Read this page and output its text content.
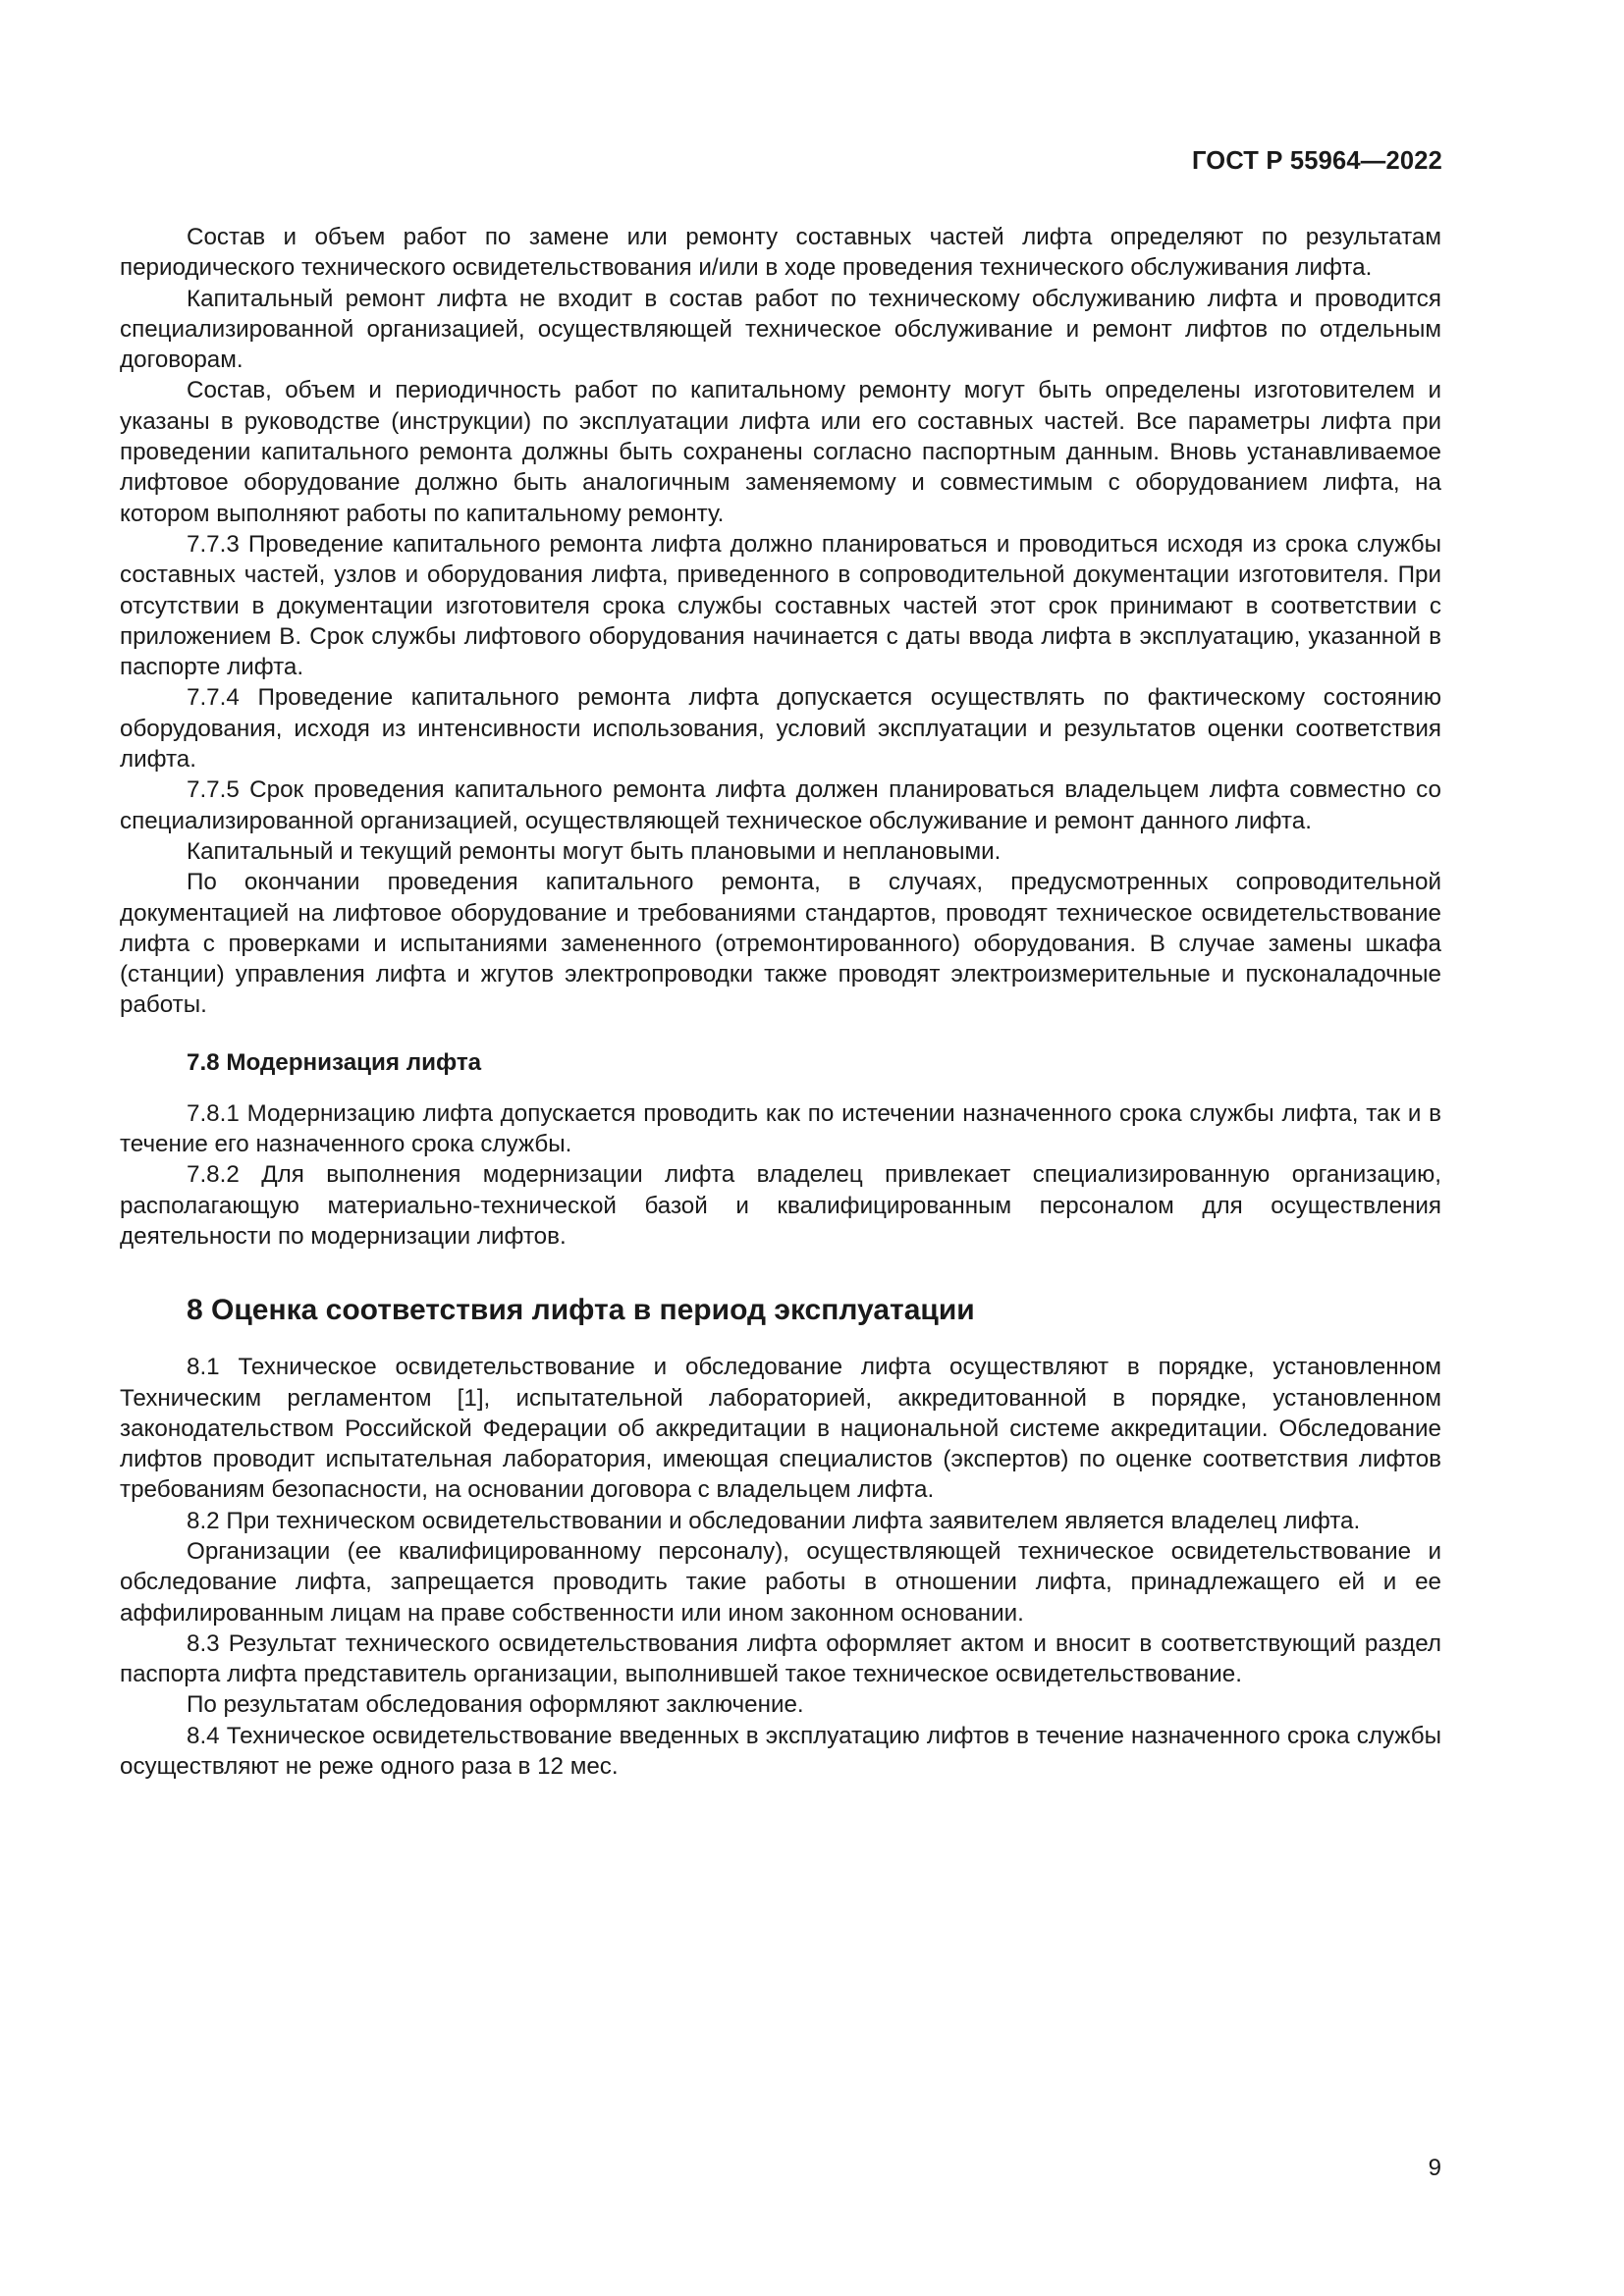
ГОСТ Р 55964—2022

Состав и объем работ по замене или ремонту составных частей лифта определяют по результатам периодического технического освидетельствования и/или в ходе проведения технического обслуживания лифта.

Капитальный ремонт лифта не входит в состав работ по техническому обслуживанию лифта и проводится специализированной организацией, осуществляющей техническое обслуживание и ремонт лифтов по отдельным договорам.

Состав, объем и периодичность работ по капитальному ремонту могут быть определены изготовителем и указаны в руководстве (инструкции) по эксплуатации лифта или его составных частей. Все параметры лифта при проведении капитального ремонта должны быть сохранены согласно паспортным данным. Вновь устанавливаемое лифтовое оборудование должно быть аналогичным заменяемому и совместимым с оборудованием лифта, на котором выполняют работы по капитальному ремонту.

7.7.3 Проведение капитального ремонта лифта должно планироваться и проводиться исходя из срока службы составных частей, узлов и оборудования лифта, приведенного в сопроводительной документации изготовителя. При отсутствии в документации изготовителя срока службы составных частей этот срок принимают в соответствии с приложением В. Срок службы лифтового оборудования начинается с даты ввода лифта в эксплуатацию, указанной в паспорте лифта.

7.7.4 Проведение капитального ремонта лифта допускается осуществлять по фактическому состоянию оборудования, исходя из интенсивности использования, условий эксплуатации и результатов оценки соответствия лифта.

7.7.5 Срок проведения капитального ремонта лифта должен планироваться владельцем лифта совместно со специализированной организацией, осуществляющей техническое обслуживание и ремонт данного лифта.

Капитальный и текущий ремонты могут быть плановыми и неплановыми.

По окончании проведения капитального ремонта, в случаях, предусмотренных сопроводительной документацией на лифтовое оборудование и требованиями стандартов, проводят техническое освидетельствование лифта с проверками и испытаниями замененного (отремонтированного) оборудования. В случае замены шкафа (станции) управления лифта и жгутов электропроводки также проводят электроизмерительные и пусконаладочные работы.

7.8 Модернизация лифта

7.8.1 Модернизацию лифта допускается проводить как по истечении назначенного срока службы лифта, так и в течение его назначенного срока службы.

7.8.2 Для выполнения модернизации лифта владелец привлекает специализированную организацию, располагающую материально-технической базой и квалифицированным персоналом для осуществления деятельности по модернизации лифтов.

8 Оценка соответствия лифта в период эксплуатации

8.1 Техническое освидетельствование и обследование лифта осуществляют в порядке, установленном Техническим регламентом [1], испытательной лабораторией, аккредитованной в порядке, установленном законодательством Российской Федерации об аккредитации в национальной системе аккредитации. Обследование лифтов проводит испытательная лаборатория, имеющая специалистов (экспертов) по оценке соответствия лифтов требованиям безопасности, на основании договора с владельцем лифта.

8.2 При техническом освидетельствовании и обследовании лифта заявителем является владелец лифта.

Организации (ее квалифицированному персоналу), осуществляющей техническое освидетельствование и обследование лифта, запрещается проводить такие работы в отношении лифта, принадлежащего ей и ее аффилированным лицам на праве собственности или ином законном основании.

8.3 Результат технического освидетельствования лифта оформляет актом и вносит в соответствующий раздел паспорта лифта представитель организации, выполнившей такое техническое освидетельствование.

По результатам обследования оформляют заключение.

8.4 Техническое освидетельствование введенных в эксплуатацию лифтов в течение назначенного срока службы осуществляют не реже одного раза в 12 мес.

9
